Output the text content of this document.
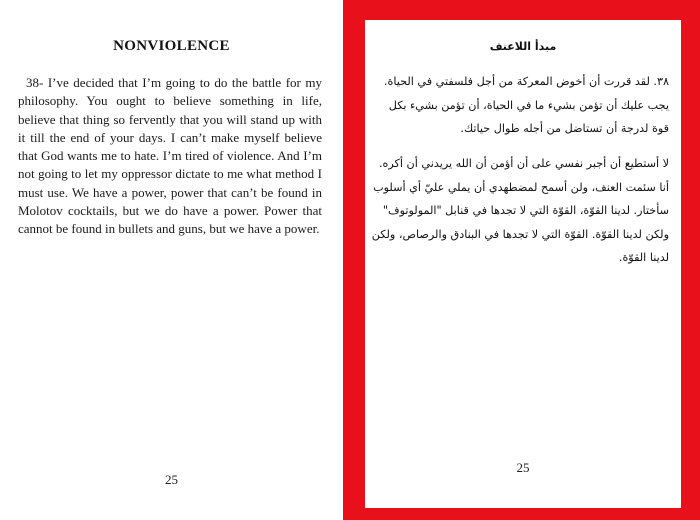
NONVIOLENCE

38- I’ve decided that I’m going to do the battle for my philosophy. You ought to believe something in life, believe that thing so fervently that you will stand up with it till the end of your days. I can’t make myself believe that God wants me to hate. I’m tired of violence. And I’m not going to let my oppressor dictate to me what method I must use. We have a power, power that can’t be found in Molotov cocktails, but we do have a power. Power that cannot be found in bullets and guns, but we have a power.

25
مبدأ اللاعنف

٣٨. لقد قررت أن أخوض المعركة من أجل فلسفتي في الحياة. يجب عليك أن تؤمن بشيء ما في الحياة، أن تؤمن بشيء بكل قوة لدرجة أن تستاضل من أجله طوال حياتك.

لا أستطيع أن أجبر نفسي على أن أؤمن أن الله يريدني أن أكره. أنا سئمت العنف، ولن أسمح لمضطهدي أن يملي عليّ أي أسلوب سأختار. لدينا القوّة، القوّة التي لا تجدها في قنابل "المولوتوف" ولكن لدينا القوّة. القوّة التي لا تجدها في البنادق والرصاص، ولكن لدينا القوّة.

25
